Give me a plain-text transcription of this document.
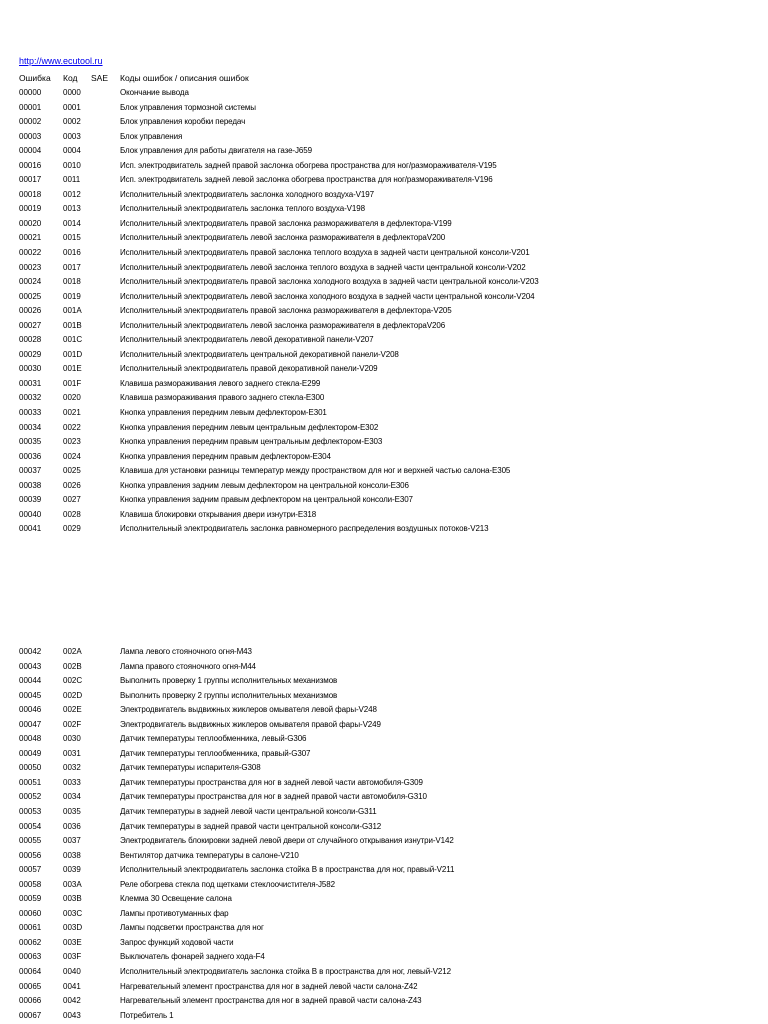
http://www.ecutool.ru
Ошибка Код SAE Коды ошибок / описания ошибок
00000	0000	Окончание вывода
00001	0001	Блок управления тормозной системы
00002	0002	Блок управления коробки передач
00003	0003	Блок управления
00004	0004	Блок управления для работы двигателя на газе-J659
00016	0010	Исп. электродвигатель задней правой заслонка обогрева пространства для ног/размораживателя-V195
00017	0011	Исп. электродвигатель задней левой заслонка обогрева пространства для ног/размораживателя-V196
00018	0012	Исполнительный электродвигатель заслонка холодного воздуха-V197
00019	0013	Исполнительный электродвигатель заслонка теплого воздуха-V198
00020	0014	Исполнительный электродвигатель правой заслонка размораживателя в дефлектора-V199
00021	0015	Исполнительный электродвигатель левой заслонка размораживателя в дефлектораV200
00022	0016	Исполнительный электродвигатель правой заслонка теплого воздуха в задней части центральной консоли-V201
00023	0017	Исполнительный электродвигатель левой заслонка теплого воздуха в задней части центральной консоли-V202
00024	0018	Исполнительный электродвигатель правой заслонка холодного воздуха в задней части центральной консоли-V203
00025	0019	Исполнительный электродвигатель левой заслонка холодного воздуха в задней части центральной консоли-V204
00026	001A	Исполнительный электродвигатель правой заслонка размораживателя в дефлектора-V205
00027	001B	Исполнительный электродвигатель левой заслонка размораживателя в дефлектораV206
00028	001C	Исполнительный электродвигатель левой декоративной панели-V207
00029	001D	Исполнительный электродвигатель центральной декоративной панели-V208
00030	001E	Исполнительный электродвигатель правой декоративной панели-V209
00031	001F	Клавиша размораживания левого заднего стекла-E299
00032	0020	Клавиша размораживания правого заднего стекла-E300
00033	0021	Кнопка управления передним левым дефлектором-E301
00034	0022	Кнопка управления передним левым центральным дефлектором-E302
00035	0023	Кнопка управления передним правым центральным дефлектором-E303
00036	0024	Кнопка управления передним правым дефлектором-E304
00037	0025	Клавиша для установки разницы температур между пространством для ног и верхней частью салона-E305
00038	0026	Кнопка управления задним левым дефлектором на центральной консоли-E306
00039	0027	Кнопка управления задним правым дефлектором на центральной консоли-E307
00040	0028	Клавиша блокировки открывания двери изнутри-E318
00041	0029	Исполнительный электродвигатель заслонка равномерного распределения воздушных потоков-V213
00042	002A	Лампа левого стояночного огня-M43
00043	002B	Лампа правого стояночного огня-M44
00044	002C	Выполнить проверку 1 группы исполнительных механизмов
00045	002D	Выполнить проверку 2 группы исполнительных механизмов
00046	002E	Электродвигатель выдвижных жиклеров омывателя левой фары-V248
00047	002F	Электродвигатель выдвижных жиклеров омывателя правой фары-V249
00048	0030	Датчик температуры теплообменника, левый-G306
00049	0031	Датчик температуры теплообменника, правый-G307
00050	0032	Датчик температуры испарителя-G308
00051	0033	Датчик температуры пространства для ног в задней левой части автомобиля-G309
00052	0034	Датчик температуры пространства для ног в задней правой части автомобиля-G310
00053	0035	Датчик температуры в задней левой части центральной консоли-G311
00054	0036	Датчик температуры в задней правой части центральной консоли-G312
00055	0037	Электродвигатель блокировки задней левой двери от случайного открывания изнутри-V142
00056	0038	Вентилятор датчика температуры в салоне-V210
00057	0039	Исполнительный электродвигатель заслонка стойка B в пространства для ног, правый-V211
00058	003A	Реле обогрева стекла под щетками стеклоочистителя-J582
00059	003B	Клемма 30 Освещение салона
00060	003C	Лампы противотуманных фар
00061	003D	Лампы подсветки пространства для ног
00062	003E	Запрос функций ходовой части
00063	003F	Выключатель фонарей заднего хода-F4
00064	0040	Исполнительный электродвигатель заслонка стойка B в пространства для ног, левый-V212
00065	0041	Нагревательный элемент пространства для ног в задней левой части салона-Z42
00066	0042	Нагревательный элемент пространства для ног в задней правой части салона-Z43
00067	0043	Потребитель 1
